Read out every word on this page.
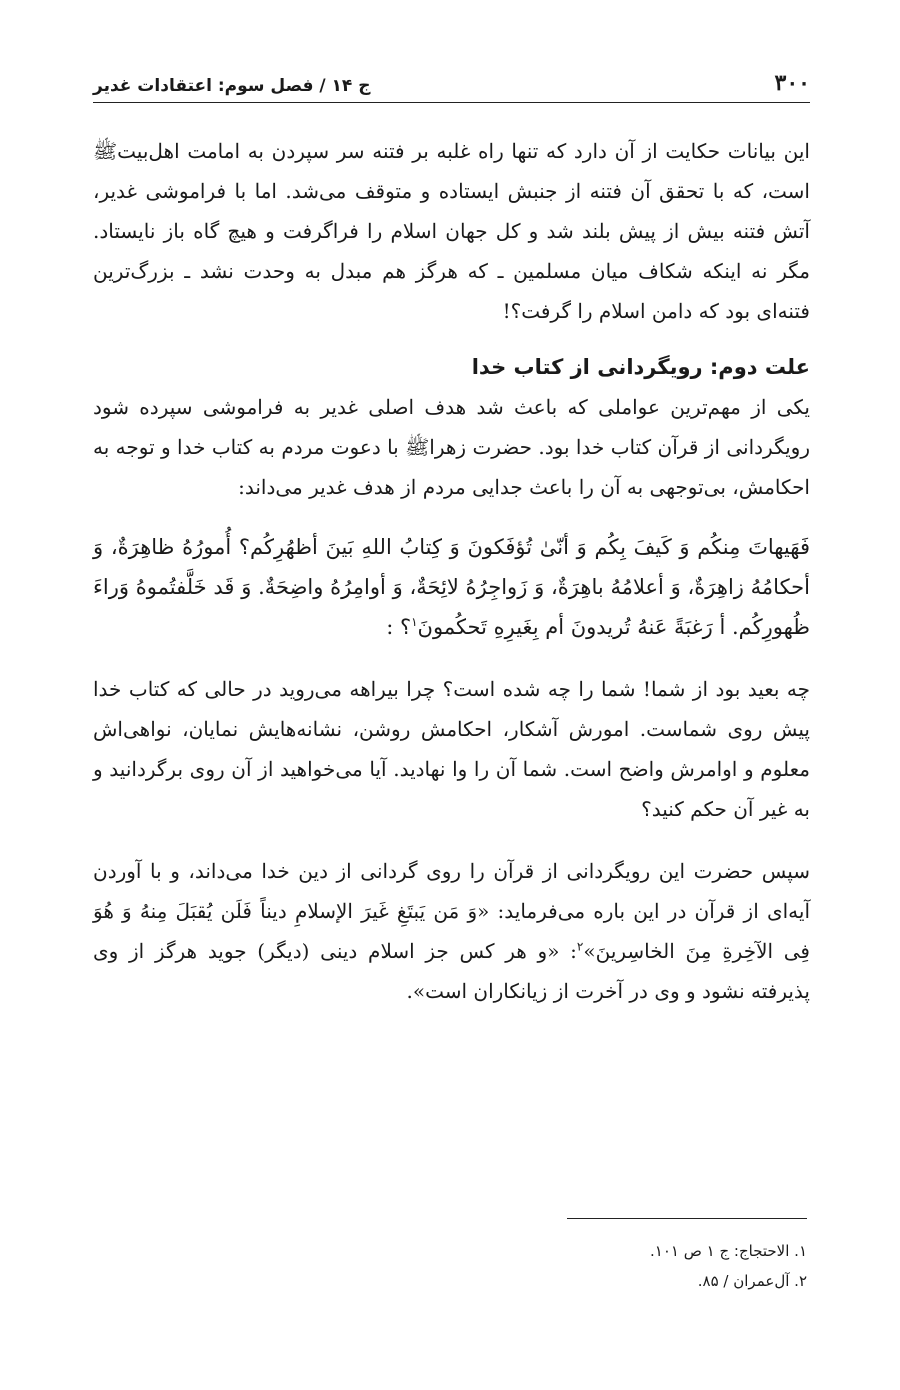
۳۰۰
ج ۱۴ / فصل سوم: اعتقادات غدیر

این بیانات حکایت از آن دارد که تنها راه غلبه بر فتنه سر سپردن به امامت اهل‌بیت‌ﷺ است، که با تحقق آن فتنه از جنبش ایستاده و متوقف می‌شد. اما با فراموشی غدیر، آتش فتنه بیش از پیش بلند شد و کل جهان اسلام را فراگرفت و هیچ گاه باز نایستاد. مگر نه اینکه شکاف میان مسلمین ـ که هرگز هم مبدل به وحدت نشد ـ بزرگ‌ترین فتنه‌ای بود که دامن اسلام را گرفت؟!

علت دوم: رویگردانی از کتاب خدا

یکی از مهم‌ترین عواملی که باعث شد هدف اصلی غدیر به فراموشی سپرده شود رویگردانی از قرآن کتاب خدا بود. حضرت زهراﷺ با دعوت مردم به کتاب خدا و توجه به احکامش، بی‌توجهی به آن را باعث جدایی مردم از هدف غدیر می‌داند:

فَهَیهاتَ مِنکُم وَ کَیفَ بِکُم وَ أنّیٰ تُؤفَکونَ وَ کِتابُ اللهِ بَینَ أظهُرِکُم؟ أُمورُهُ ظاهِرَةٌ، وَ أحکامُهُ زاهِرَةٌ، وَ أعلامُهُ باهِرَةٌ، وَ زَواجِرُهُ لائِحَةٌ، وَ أوامِرُهُ واضِحَةٌ. وَ قَد خَلَّفتُموهُ وَراءَ ظُهورِکُم. أ رَغبَةً عَنهُ تُریدونَ أم بِغَیرِهِ تَحکُمونَ$^۱$؟ :

چه بعید بود از شما! شما را چه شده است؟ چرا بیراهه می‌روید در حالی که کتاب خدا پیش روی شماست. امورش آشکار، احکامش روشن، نشانه‌هایش نمایان، نواهی‌اش معلوم و اوامرش واضح است. شما آن را وا نهادید. آیا می‌خواهید از آن روی برگردانید و به غیر آن حکم کنید؟

سپس حضرت این رویگردانی از قرآن را روی گردانی از دین خدا می‌داند، و با آوردن آیه‌ای از قرآن در این باره می‌فرماید: «وَ مَن یَبتَغِ غَیرَ الإسلامِ دیناً فَلَن یُقبَلَ مِنهُ وَ هُوَ فِی الآخِرةِ مِنَ الخاسِرینَ»$^۲$: «و هر کس جز اسلام دینی (دیگر) جوید هرگز از وی پذیرفته نشود و وی در آخرت از زیانکاران است».

۱. الاحتجاج: ج ۱ ص ۱۰۱.

۲. آل‌عمران / ۸۵.
